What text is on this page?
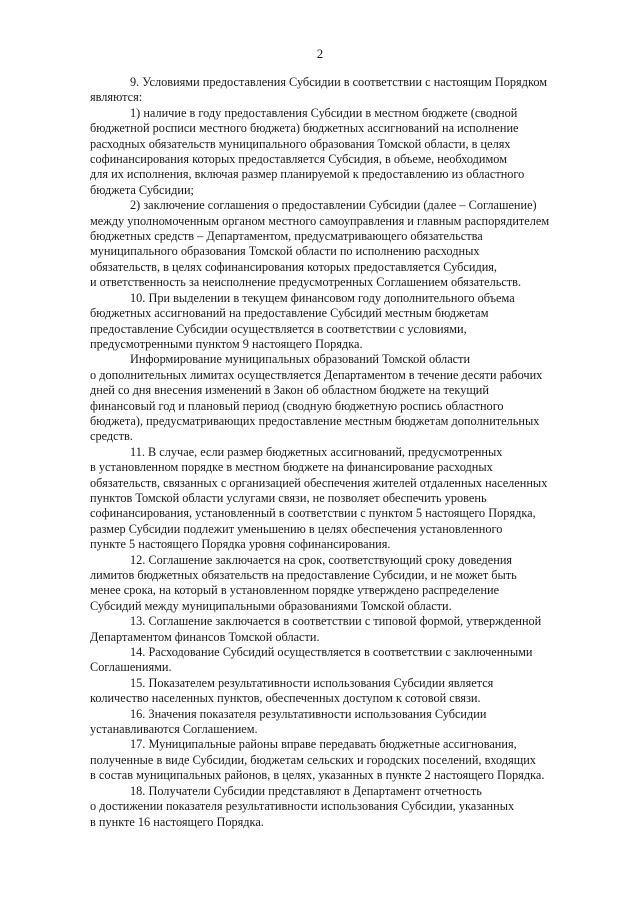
2

9. Условиями предоставления Субсидии в соответствии с настоящим Порядком
являются:

1) наличие в году предоставления Субсидии в местном бюджете (сводной
бюджетной росписи местного бюджета) бюджетных ассигнований на исполнение
расходных обязательств муниципального образования Томской области, в целях
софинансирования которых предоставляется Субсидия, в объеме, необходимом
для их исполнения, включая размер планируемой к предоставлению из областного
бюджета Субсидии;

2) заключение соглашения о предоставлении Субсидии (далее – Соглашение)
между уполномоченным органом местного самоуправления и главным распорядителем
бюджетных средств – Департаментом, предусматривающего обязательства
муниципального образования Томской области по исполнению расходных
обязательств, в целях софинансирования которых предоставляется Субсидия,
и ответственность за неисполнение предусмотренных Соглашением обязательств.

10. При выделении в текущем финансовом году дополнительного объема
бюджетных ассигнований на предоставление Субсидий местным бюджетам
предоставление Субсидии осуществляется в соответствии с условиями,
предусмотренными пунктом 9 настоящего Порядка.

Информирование муниципальных образований Томской области
о дополнительных лимитах осуществляется Департаментом в течение десяти рабочих
дней со дня внесения изменений в Закон об областном бюджете на текущий
финансовый год и плановый период (сводную бюджетную роспись областного
бюджета), предусматривающих предоставление местным бюджетам дополнительных
средств.

11. В случае, если размер бюджетных ассигнований, предусмотренных
в установленном порядке в местном бюджете на финансирование расходных
обязательств, связанных с организацией обеспечения жителей отдаленных населенных
пунктов Томской области услугами связи, не позволяет обеспечить уровень
софинансирования, установленный в соответствии с пунктом 5 настоящего Порядка,
размер Субсидии подлежит уменьшению в целях обеспечения установленного
пункте 5 настоящего Порядка уровня софинансирования.

12. Соглашение заключается на срок, соответствующий сроку доведения
лимитов бюджетных обязательств на предоставление Субсидии, и не может быть
менее срока, на который в установленном порядке утверждено распределение
Субсидий между муниципальными образованиями Томской области.

13. Соглашение заключается в соответствии с типовой формой, утвержденной
Департаментом финансов Томской области.

14. Расходование Субсидий осуществляется в соответствии с заключенными
Соглашениями.

15. Показателем результативности использования Субсидии является
количество населенных пунктов, обеспеченных доступом к сотовой связи.

16. Значения показателя результативности использования Субсидии
устанавливаются Соглашением.

17. Муниципальные районы вправе передавать бюджетные ассигнования,
полученные в виде Субсидии, бюджетам сельских и городских поселений, входящих
в состав муниципальных районов, в целях, указанных в пункте 2 настоящего Порядка.

18. Получатели Субсидии представляют в Департамент отчетность
о достижении показателя результативности использования Субсидии, указанных
в пункте 16 настоящего Порядка.
